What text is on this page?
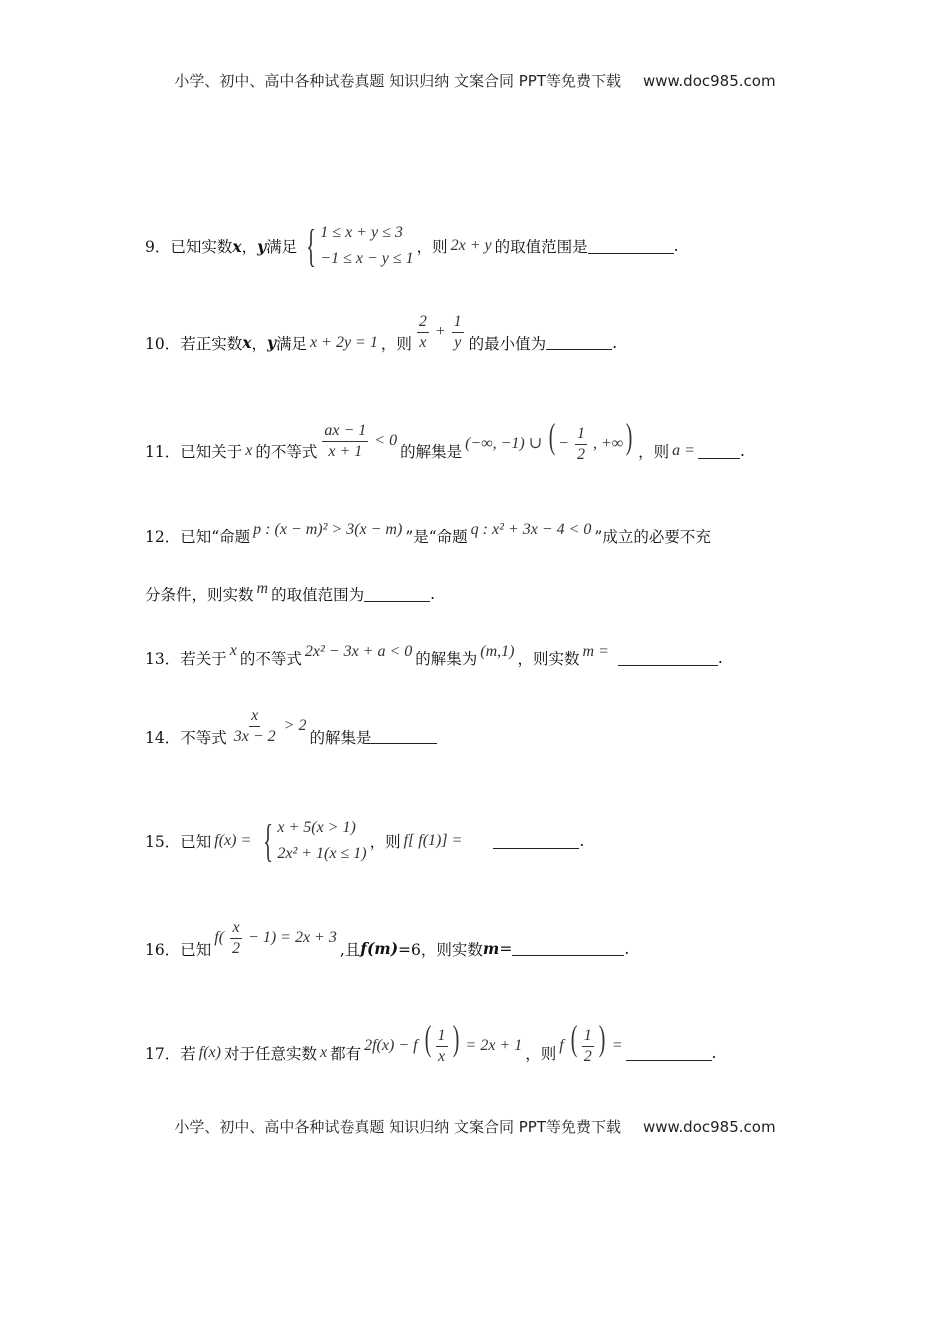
小学、初中、高中各种试卷真题 知识归纳 文案合同 PPT等免费下载 www.doc985.com
9． 已知实数 x ， y 满足 { 1 ≤ x + y ≤ 3
−1 ≤ x − y ≤ 1
，则 2x + y 的取值范围是	.
10． 若正实数 x ， y 满足 x + 2y = 1 ，则 $\frac{2}{x} + \frac{1}{y}$ 的最小值为	.
11． 已知关于 x 的不等式 $\frac{ax - 1}{x + 1} < 0$
的解集是 (−∞, −1) ∪ ( − $\frac{1}{2}$ , +∞) ，则 a =	.
12． 已知“命题 p : (x − m)² > 3(x − m) ”是“命题 q : x² + 3x − 4 < 0 ”成立的必要不充
分条件，则实数 m 的取值范围为	.
13． 若关于 x 的不等式 2x² − 3x + a < 0 的解集为 (m,1) ，则实数 m =	.
14． 不等式 $\frac{x}{3x - 2} > 2$
的解集是
15． 已知 f(x) = { x + 5(x > 1)
2x² + 1(x ≤ 1)
，则 f[ f(1)] =	.
16． 已知
$f( \frac{x}{2} - 1) = 2x + 3$
,且 f(m) =6，则实数 m =	.
17． 若 f(x) 对于任意实数 x 都有 2f(x) − f ( $\frac{1}{x}$ ) = 2x + 1 ，则 f ( $\frac{1}{2}$ ) =	.
小学、初中、高中各种试卷真题 知识归纳 文案合同 PPT等免费下载 www.doc985.com
